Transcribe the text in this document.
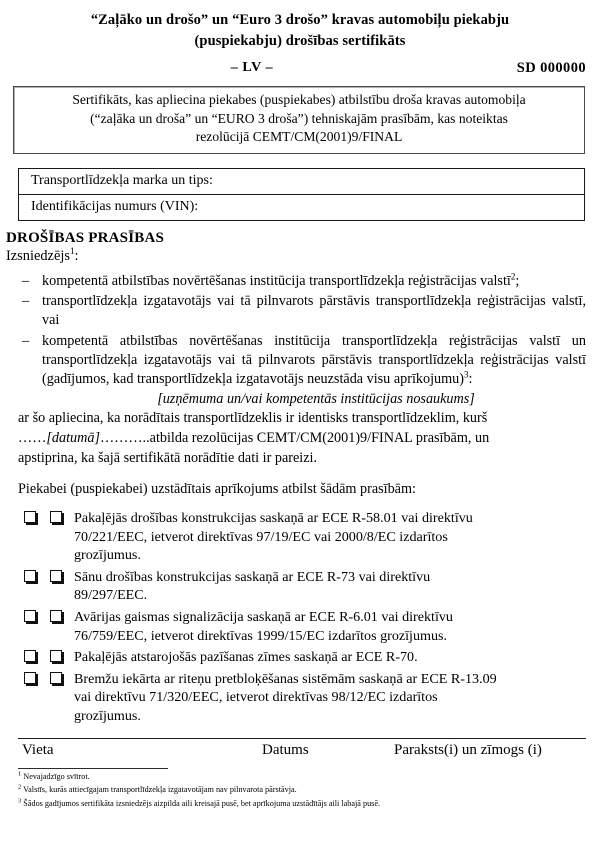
“Zaļāko un drošo” un “Euro 3 drošo” kravas automobiļu piekabju
(puspiekabju) drošības sertifikāts
– LV –	SD 000000
Sertifikāts, kas apliecina piekabes (puspiekabes) atbilstību droša kravas automobiļa
(“zaļāka un droša” un “EURO 3 droša”) tehniskajām prasībām, kas noteiktas
rezolūcijā CEMT/CM(2001)9/FINAL
Transportlīdzekļa marka un tips:
Identifikācijas numurs (VIN):
DROŠĪBAS PRASĪBAS
Izsniedzējs$^1$:
– kompetentā atbilstības novērtēšanas institūcija transportlīdzekļa reģistrācijas valstī$^2$;
– transportlīdzekļa izgatavotājs vai tā pilnvarots pārstāvis transportlīdzekļa reģistrācijas valstī, vai
– kompetentā atbilstības novērtēšanas institūcija transportlīdzekļa reģistrācijas valstī un transportlīdzekļa izgatavotājs vai tā pilnvarots pārstāvis transportlīdzekļa reģistrācijas valstī (gadījumos, kad transportlīdzekļa izgatavotājs neuzstāda visu aprīkojumu)$^3$:
[uzņēmuma un/vai kompetentās institūcijas nosaukums]
ar šo apliecina, ka norādītais transportlīdzeklis ir identisks transportlīdzeklim, kurš
……[datumā]………..atbilda rezolūcijas CEMT/CM(2001)9/FINAL prasībām, un
apstiprina, ka šajā sertifikātā norādītie dati ir pareizi.
Piekabei (puspiekabei) uzstādītais aprīkojums atbilst šādām prasībām:
Pakaļējās drošības konstrukcijas saskaņā ar ECE R-58.01 vai direktīvu
70/221/EEC, ietverot direktīvas 97/19/EC vai 2000/8/EC izdarītos
grozījumus.
Sānu drošības konstrukcijas saskaņā ar ECE R-73 vai direktīvu
89/297/EEC.
Avārijas gaismas signalizācija saskaņā ar ECE R-6.01 vai direktīvu
76/759/EEC, ietverot direktīvas 1999/15/EC izdarītos grozījumus.
Pakaļējās atstarojošās pazīšanas zīmes saskaņā ar ECE R-70.
Bremžu iekārta ar riteņu pretbloķēšanas sistēmām saskaņā ar ECE R-13.09
vai direktīvu 71/320/EEC, ietverot direktīvas 98/12/EC izdarītos
grozījumus.
Vieta	Datums	Paraksts(i) un zīmogs (i)
$^1$ Nevajadzīgo svītrot.
$^2$ Valstīs, kurās attiecīgajam transportlīdzekļa izgatavotājam nav pilnvarota pārstāvja.
$^3$ Šādos gadījumos sertifikāta izsniedzējs aizpilda aili kreisajā pusē, bet aprīkojuma uzstādītājs aili labajā pusē.
